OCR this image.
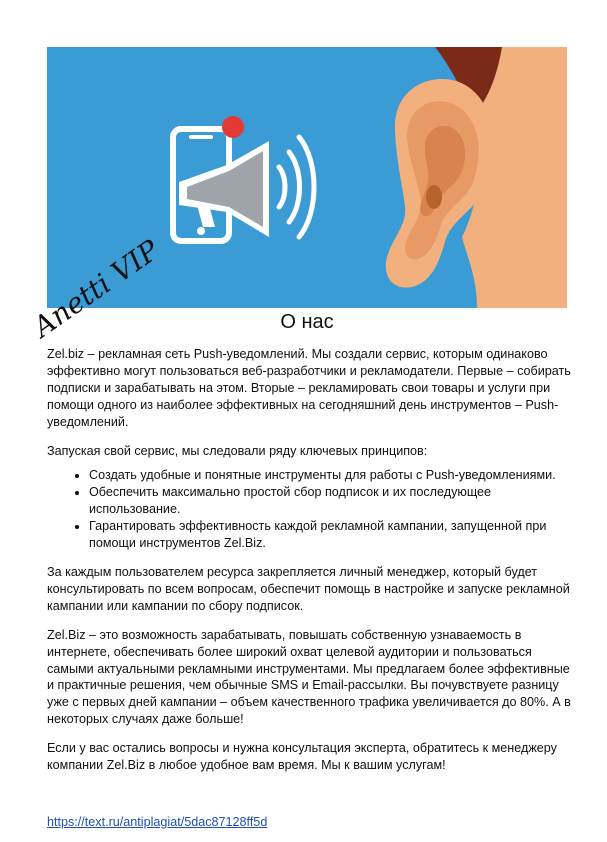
Anetti VIP	О нас

Zel.biz – рекламная сеть Push-уведомлений. Мы создали сервис, которым одинаково эффективно могут пользоваться веб-разработчики и рекламодатели. Первые – собирать подписки и зарабатывать на этом. Вторые – рекламировать свои товары и услуги при помощи одного из наиболее эффективных на сегодняшний день инструментов – Push-уведомлений.

Запуская свой сервис, мы следовали ряду ключевых принципов:

• Создать удобные и понятные инструменты для работы с Push-уведомлениями.
• Обеспечить максимально простой сбор подписок и их последующее использование.
• Гарантировать эффективность каждой рекламной кампании, запущенной при помощи инструментов Zel.Biz.

За каждым пользователем ресурса закрепляется личный менеджер, который будет консультировать по всем вопросам, обеспечит помощь в настройке и запуске рекламной кампании или кампании по сбору подписок.

Zel.Biz – это возможность зарабатывать, повышать собственную узнаваемость в интернете, обеспечивать более широкий охват целевой аудитории и пользоваться самыми актуальными рекламными инструментами. Мы предлагаем более эффективные и практичные решения, чем обычные SMS и Email-рассылки. Вы почувствуете разницу уже с первых дней кампании – объем качественного трафика увеличивается до 80%. А в некоторых случаях даже больше!

Если у вас остались вопросы и нужна консультация эксперта, обратитесь к менеджеру компании Zel.Biz в любое удобное вам время. Мы к вашим услугам!

https://text.ru/antiplagiat/5dac87128ff5d
